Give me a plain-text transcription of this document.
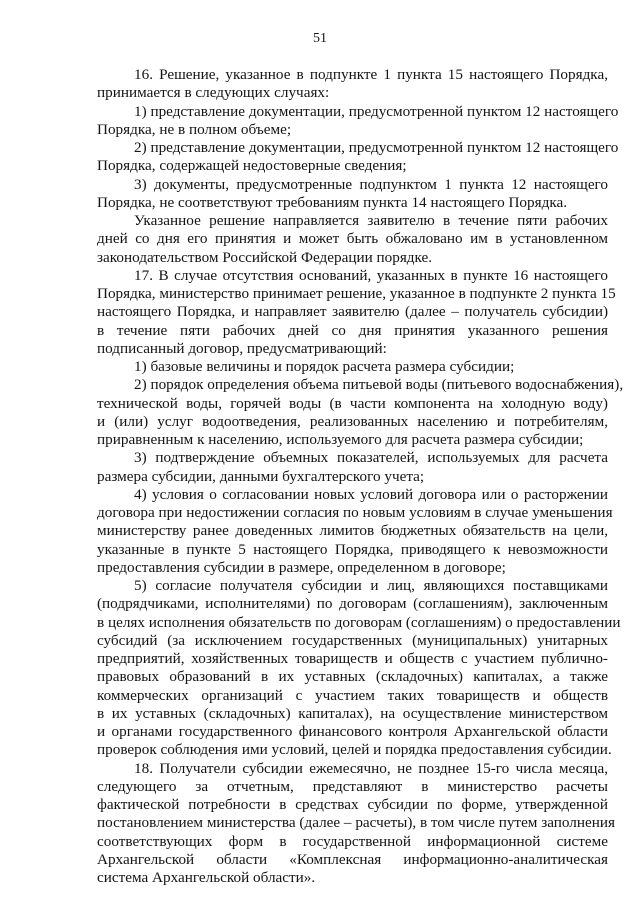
51
16. Решение, указанное в подпункте 1 пункта 15 настоящего Порядка,
принимается в следующих случаях:
1) представление документации, предусмотренной пунктом 12 настоящего
Порядка, не в полном объеме;
2) представление документации, предусмотренной пунктом 12 настоящего
Порядка, содержащей недостоверные сведения;
3) документы, предусмотренные подпунктом 1 пункта 12 настоящего
Порядка, не соответствуют требованиям пункта 14 настоящего Порядка.
Указанное решение направляется заявителю в течение пяти рабочих
дней со дня его принятия и может быть обжаловано им в установленном
законодательством Российской Федерации порядке.
17. В случае отсутствия оснований, указанных в пункте 16 настоящего
Порядка, министерство принимает решение, указанное в подпункте 2 пункта 15
настоящего Порядка, и направляет заявителю (далее – получатель субсидии)
в течение пяти рабочих дней со дня принятия указанного решения
подписанный договор, предусматривающий:
1) базовые величины и порядок расчета размера субсидии;
2) порядок определения объема питьевой воды (питьевого водоснабжения),
технической воды, горячей воды (в части компонента на холодную воду)
и (или) услуг водоотведения, реализованных населению и потребителям,
приравненным к населению, используемого для расчета размера субсидии;
3) подтверждение объемных показателей, используемых для расчета
размера субсидии, данными бухгалтерского учета;
4) условия о согласовании новых условий договора или о расторжении
договора при недостижении согласия по новым условиям в случае уменьшения
министерству ранее доведенных лимитов бюджетных обязательств на цели,
указанные в пункте 5 настоящего Порядка, приводящего к невозможности
предоставления субсидии в размере, определенном в договоре;
5) согласие получателя субсидии и лиц, являющихся поставщиками
(подрядчиками, исполнителями) по договорам (соглашениям), заключенным
в целях исполнения обязательств по договорам (соглашениям) о предоставлении
субсидий (за исключением государственных (муниципальных) унитарных
предприятий, хозяйственных товариществ и обществ с участием публично-
правовых образований в их уставных (складочных) капиталах, а также
коммерческих организаций с участием таких товариществ и обществ
в их уставных (складочных) капиталах), на осуществление министерством
и органами государственного финансового контроля Архангельской области
проверок соблюдения ими условий, целей и порядка предоставления субсидии.
18. Получатели субсидии ежемесячно, не позднее 15-го числа месяца,
следующего за отчетным, представляют в министерство расчеты
фактической потребности в средствах субсидии по форме, утвержденной
постановлением министерства (далее – расчеты), в том числе путем заполнения
соответствующих форм в государственной информационной системе
Архангельской области «Комплексная информационно-аналитическая
система Архангельской области».
